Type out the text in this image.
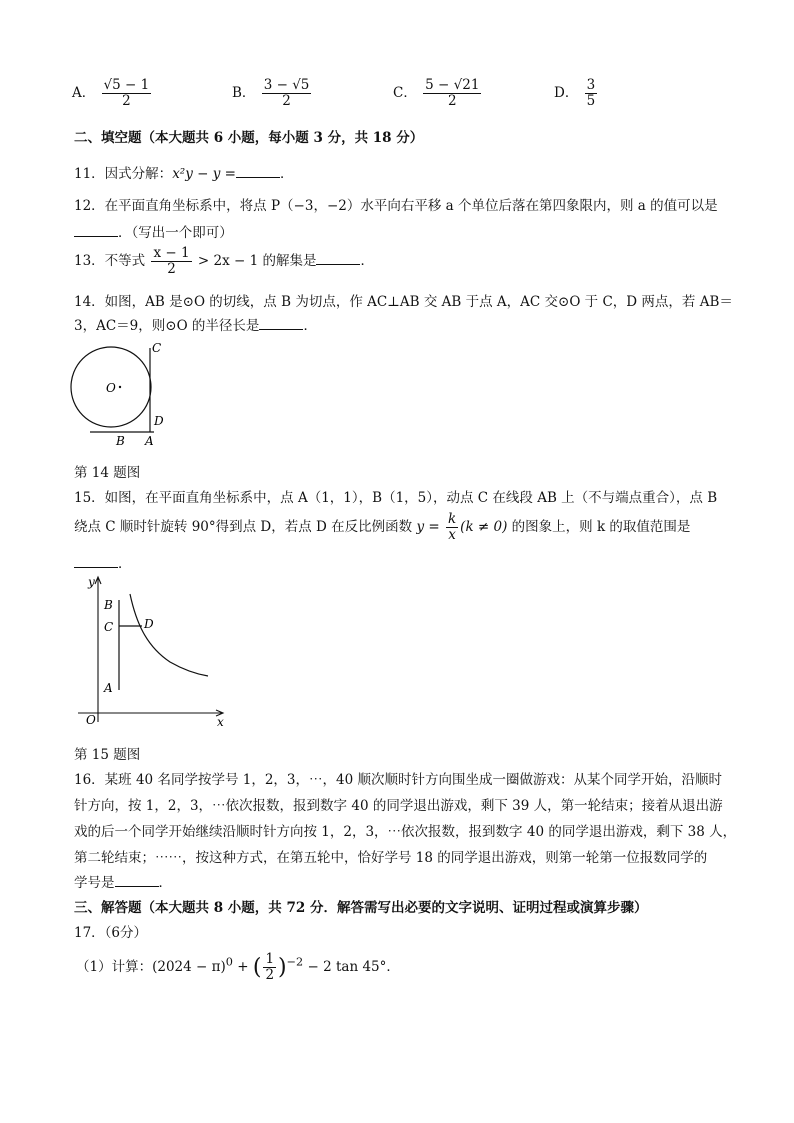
A． $\frac{√5 - 1}{2}$	B． $\frac{3 - √5}{2}$	C． $\frac{5 - √21}{2}$	D． $\frac{3}{5}$
二、填空题（本大题共 6 小题，每小题 3 分，共 18 分）
11．因式分解：x²y − y =	．
12．在平面直角坐标系中，将点 P（−3，−2）水平向右平移 a 个单位后落在第四象限内，则 a 的值可以是
．（写出一个即可）
13．不等式 $\frac{x - 1}{2} > 2x - 1$ 的解集是	．
14．如图，AB 是⊙O 的切线，点 B 为切点，作 AC⊥AB 交 AB 于点 A，AC 交⊙O 于 C，D 两点，若 AB＝
3，AC＝9，则⊙O 的半径长是	．
O
C
D
B A
第 14 题图
15．如图，在平面直角坐标系中，点 A（1，1），B（1，5），动点 C 在线段 AB 上（不与端点重合），点 B
绕点 C 顺时针旋转 90°得到点 D，若点 D 在反比例函数 $y = \frac{k}{x} (k \ne 0)$ 的图象上，则 k 的取值范围是
．
y
x
O
B
C	D
A
第 15 题图
16．某班 40 名同学按学号 1，2，3，⋯，40 顺次顺时针方向围坐成一圈做游戏：从某个同学开始，沿顺时
针方向，按 1，2，3，⋯依次报数，报到数字 40 的同学退出游戏，剩下 39 人，第一轮结束；接着从退出游
戏的后一个同学开始继续沿顺时针方向按 1，2，3，⋯依次报数，报到数字 40 的同学退出游戏，剩下 38 人，
第二轮结束；⋯⋯，按这种方式，在第五轮中，恰好学号 18 的同学退出游戏，则第一轮第一位报数同学的
学号是	．
三、解答题（本大题共 8 小题，共 72 分．解答需写出必要的文字说明、证明过程或演算步骤）
17．（6分）
（1）计算：$(2024 - \pi)^0$ + ( $\frac{1}{2} )^{-2} - 2$ tan 45°．
